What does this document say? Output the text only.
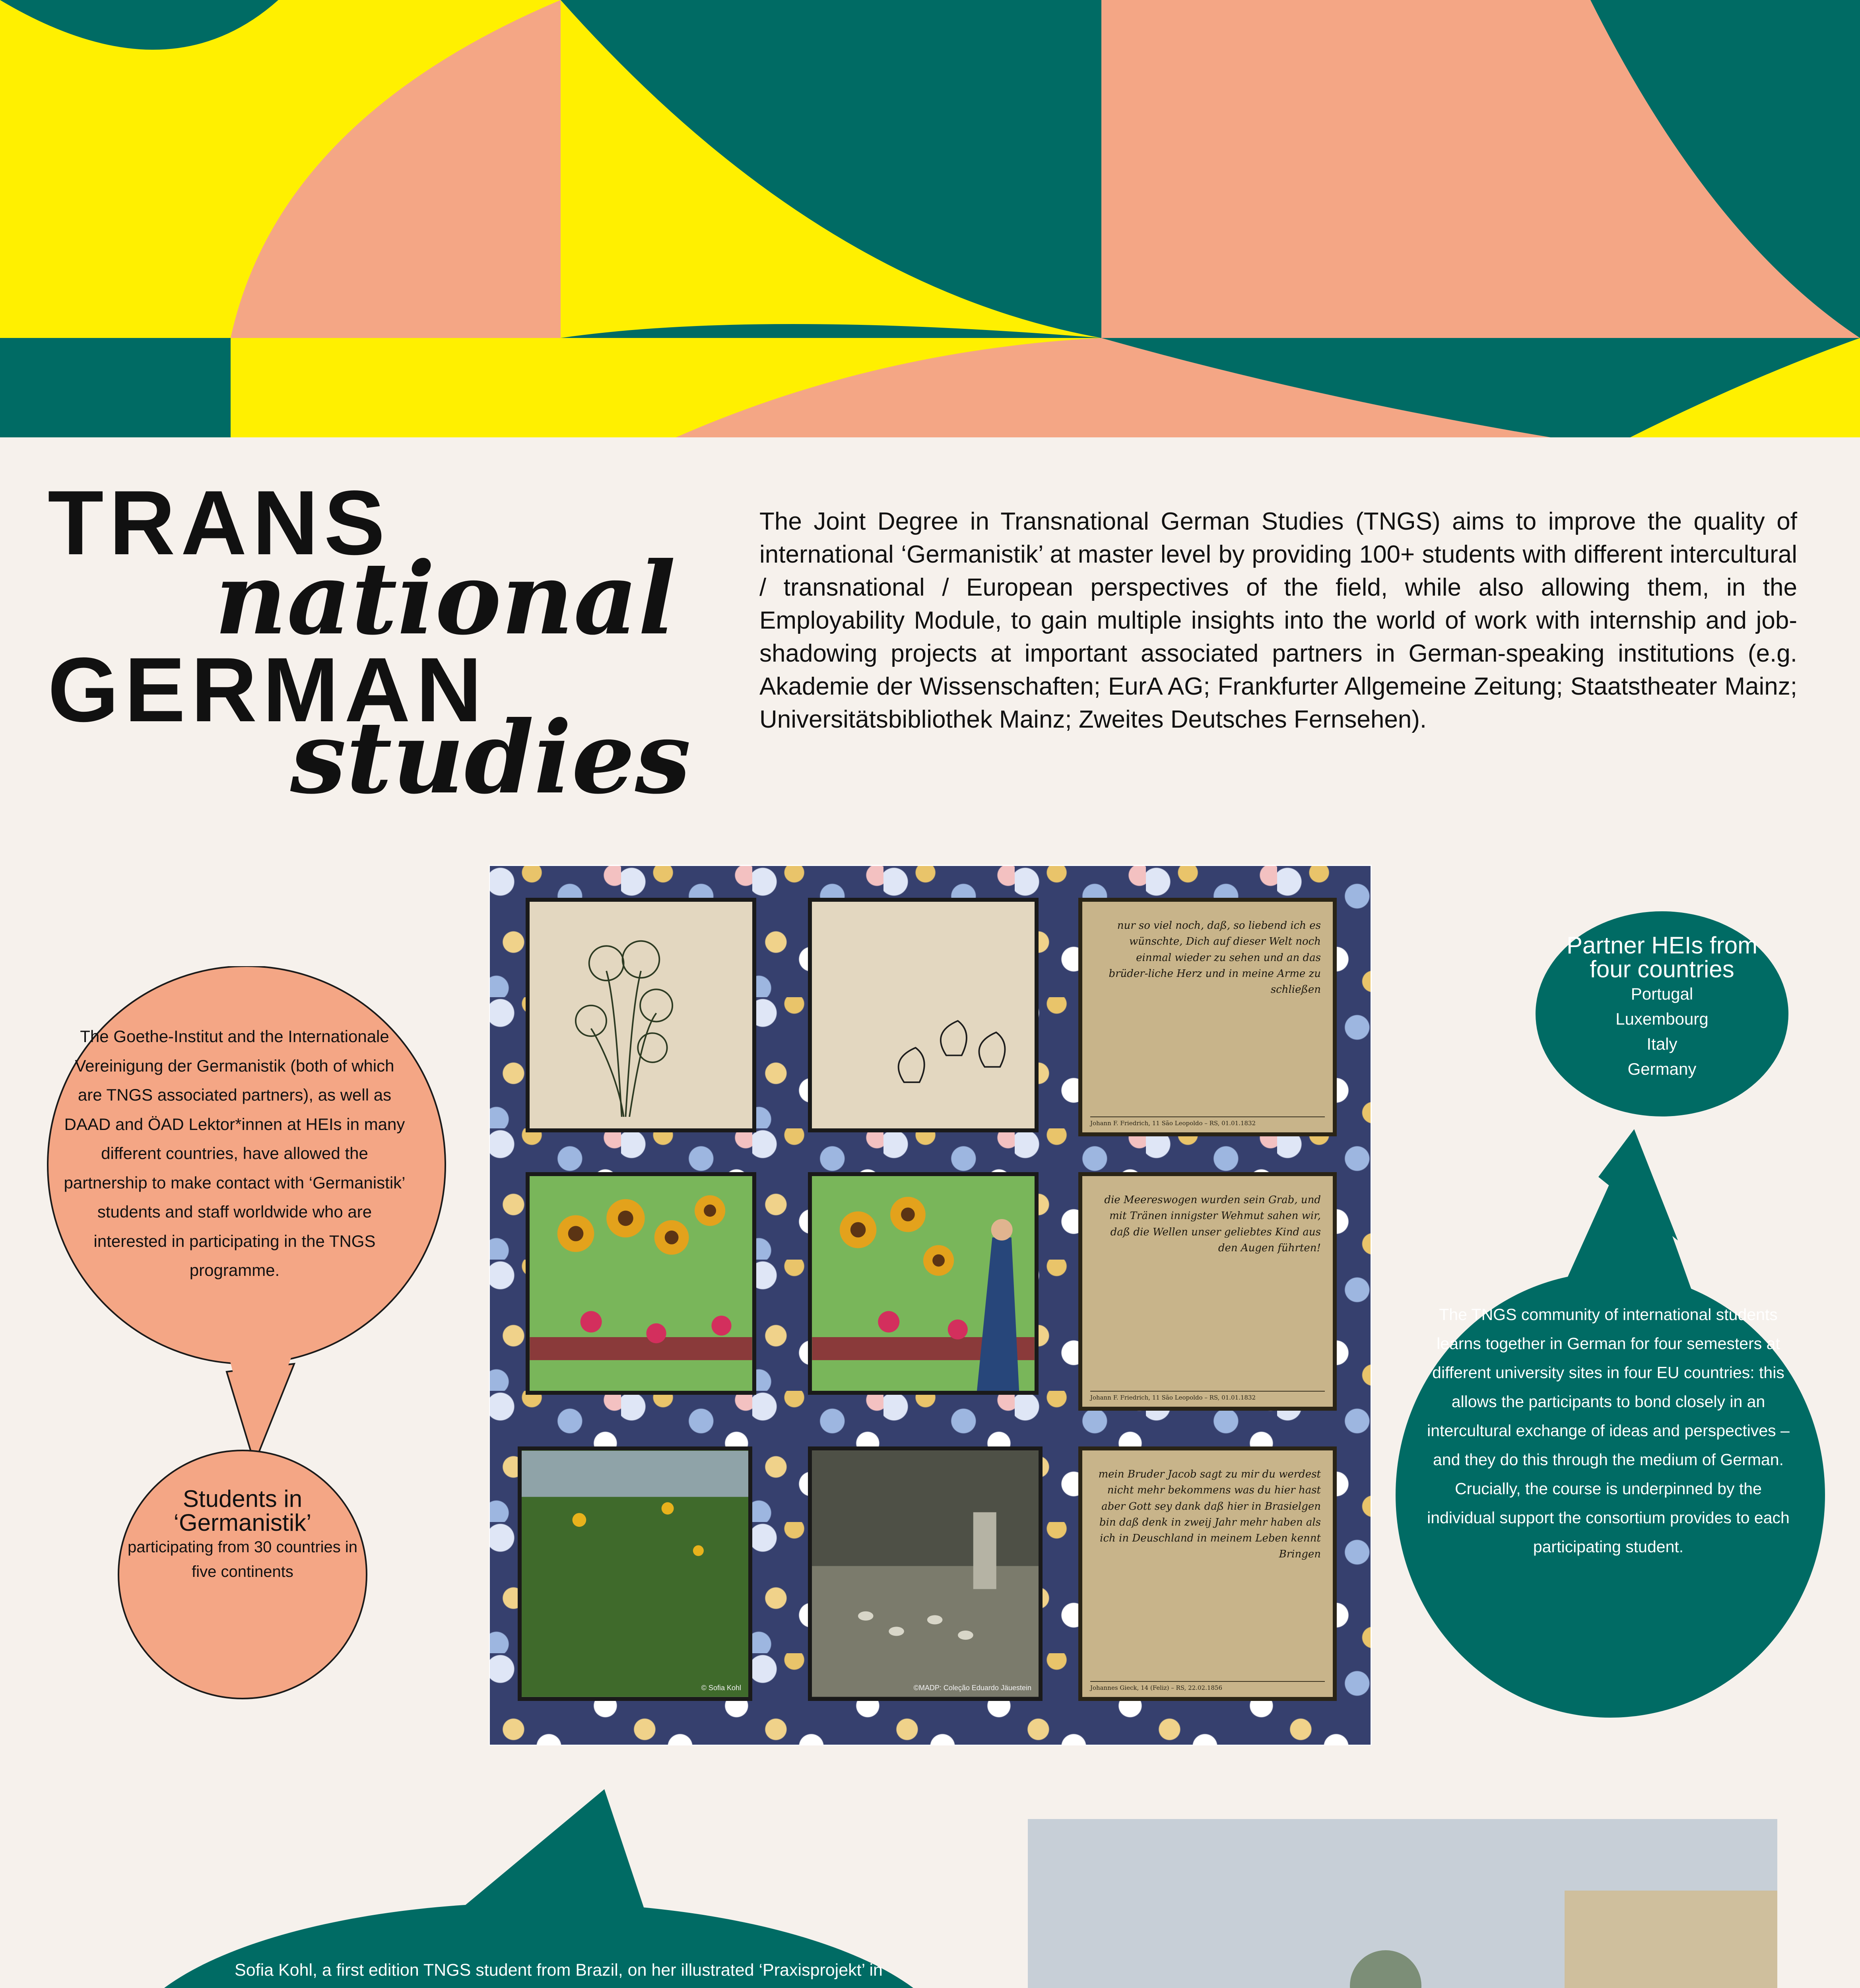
TRANS
national
GERMAN
studies
The Joint Degree in Transnational German Studies (TNGS) aims to improve the quality of international ‘Germanistik’ at master level by providing 100+ students with different intercultural / transnational / European perspectives of the field, while also allowing them, in the Employability Module, to gain multiple insights into the world of work with internship and job-shadowing projects at important associated partners in German-speaking institutions (e.g. Akademie der Wissenschaften; EurA AG; Frankfurter Allgemeine Zeitung; Staatstheater Mainz; Universitätsbibliothek Mainz; Zweites Deutsches Fernsehen).
The Goethe-Institut and the Internationale Vereinigung der Germanistik (both of which are TNGS associated partners), as well as DAAD and ÖAD Lektor*innen at HEIs in many different countries, have allowed the partnership to make contact with ‘Germanistik’ students and staff worldwide who are interested in participating in the TNGS programme.
Students in ‘Germanistik’
participating from 30 countries in five continents
nur so viel noch, daß, so liebend ich es wünschte, Dich auf dieser Welt noch einmal wieder zu sehen und an das brüder-liche Herz und in meine Arme zu schließen
Johann F. Friedrich, 11 São Leopoldo – RS, 01.01.1832
die Meereswogen wurden sein Grab, und mit Tränen innigster Wehmut sahen wir, daß die Wellen unser geliebtes Kind aus den Augen führten!
Johann F. Friedrich, 11 São Leopoldo – RS, 01.01.1832
© Sofia Kohl	©MADP: Coleção Eduardo Jäuestein
mein Bruder Jacob sagt zu mir du werdest nicht mehr bekommens was du hier hast aber Gott sey dank daß hier in Brasielgen bin daß denk in zweij Jahr mehr haben als ich in Deuschland in meinem Leben kennt Bringen
Johannes Gieck, 14 (Feliz) – RS, 22.02.1856
Partner HEIs from four countries
Portugal
Luxembourg
Italy
Germany
The TNGS community of international students learns together in German for four semesters at different university sites in four EU countries: this allows the participants to bond closely in an intercultural exchange of ideas and perspectives – and they do this through the medium of German. Crucially, the course is underpinned by the individual support the consortium provides to each participating student.
Sofia Kohl, a first edition TNGS student from Brazil, on her illustrated ‘Praxisprojekt’ in
